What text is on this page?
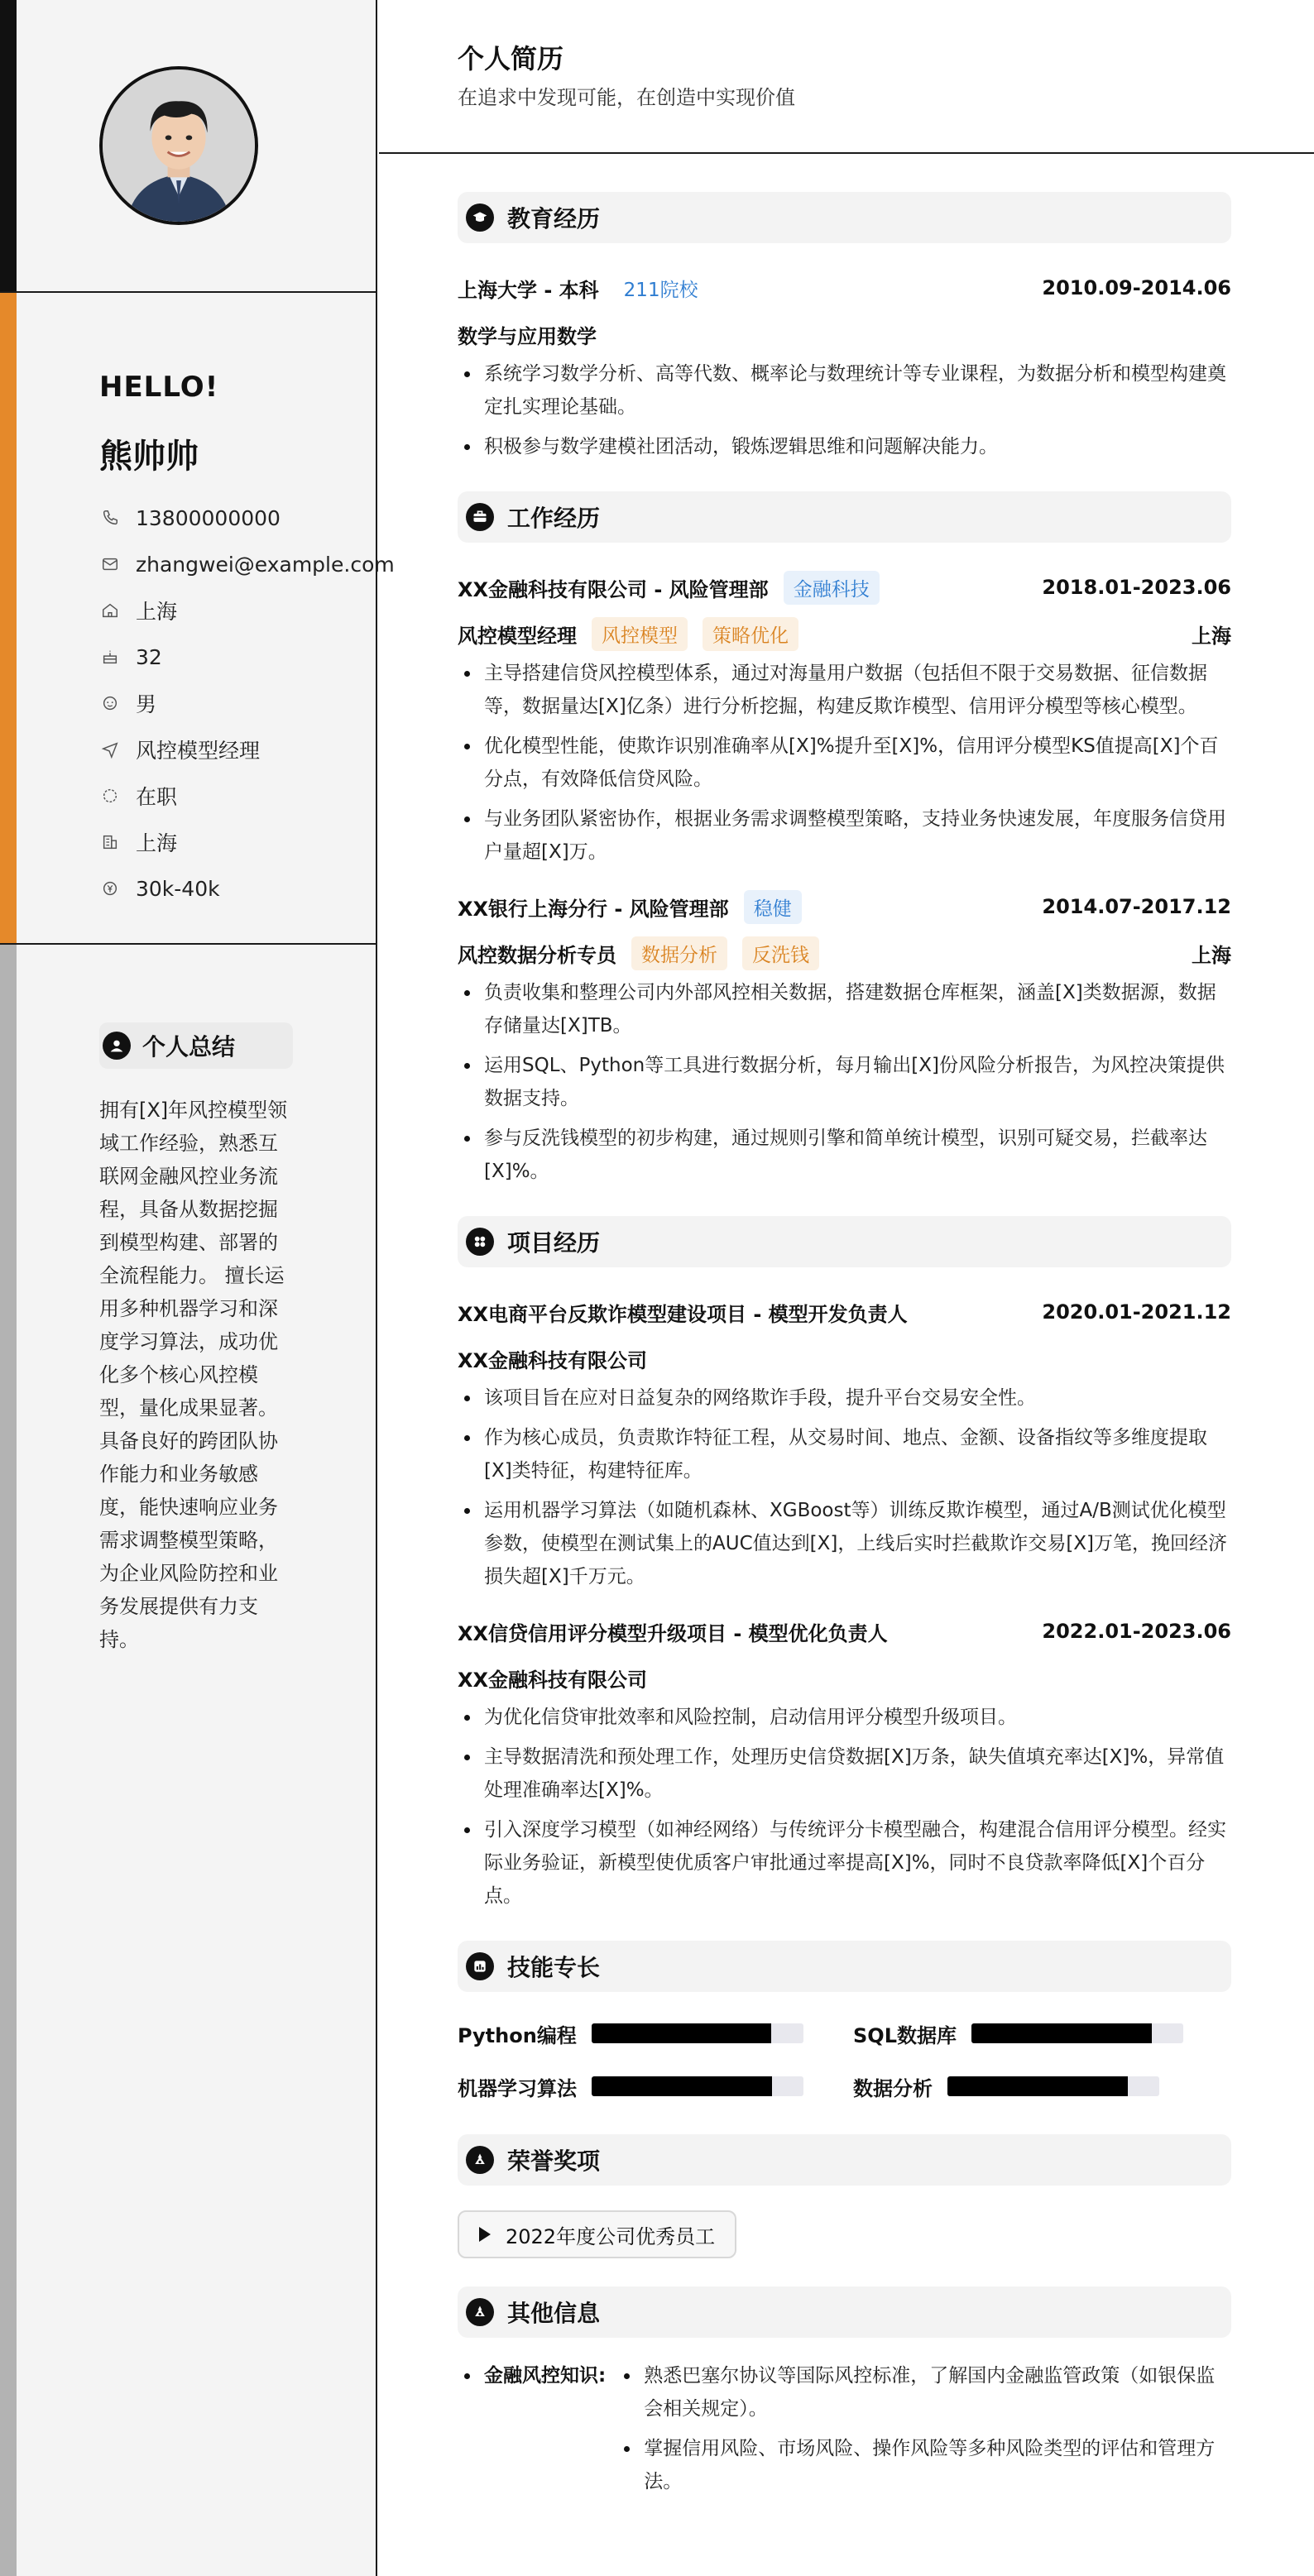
HELLO!
熊帅帅
13800000000
zhangwei@example.com
上海
32
男
风控模型经理
在职
上海
30k-40k
个人总结
拥有[X]年风控模型领域工作经验，熟悉互联网金融风控业务流程，具备从数据挖掘到模型构建、部署的全流程能力。 擅长运用多种机器学习和深度学习算法，成功优化多个核心风控模型，量化成果显著。具备良好的跨团队协作能力和业务敏感度，能快速响应业务需求调整模型策略，为企业风险防控和业务发展提供有力支持。
个人简历
在追求中发现可能，在创造中实现价值
教育经历
上海大学 - 本科	211院校	2010.09-2014.06
数学与应用数学
系统学习数学分析、高等代数、概率论与数理统计等专业课程，为数据分析和模型构建奠定扎实理论基础。
积极参与数学建模社团活动，锻炼逻辑思维和问题解决能力。
工作经历
XX金融科技有限公司 - 风险管理部	金融科技	2018.01-2023.06
风控模型经理	风控模型	策略优化	上海
主导搭建信贷风控模型体系，通过对海量用户数据（包括但不限于交易数据、征信数据等，数据量达[X]亿条）进行分析挖掘，构建反欺诈模型、信用评分模型等核心模型。
优化模型性能，使欺诈识别准确率从[X]%提升至[X]%，信用评分模型KS值提高[X]个百分点，有效降低信贷风险。
与业务团队紧密协作，根据业务需求调整模型策略，支持业务快速发展，年度服务信贷用户量超[X]万。
XX银行上海分行 - 风险管理部	稳健	2014.07-2017.12
风控数据分析专员	数据分析	反洗钱	上海
负责收集和整理公司内外部风控相关数据，搭建数据仓库框架，涵盖[X]类数据源，数据存储量达[X]TB。
运用SQL、Python等工具进行数据分析，每月输出[X]份风险分析报告，为风控决策提供数据支持。
参与反洗钱模型的初步构建，通过规则引擎和简单统计模型，识别可疑交易，拦截率达[X]%。
项目经历
XX电商平台反欺诈模型建设项目 - 模型开发负责人	2020.01-2021.12
XX金融科技有限公司
该项目旨在应对日益复杂的网络欺诈手段，提升平台交易安全性。
作为核心成员，负责欺诈特征工程，从交易时间、地点、金额、设备指纹等多维度提取[X]类特征，构建特征库。
运用机器学习算法（如随机森林、XGBoost等）训练反欺诈模型，通过A/B测试优化模型参数，使模型在测试集上的AUC值达到[X]，上线后实时拦截欺诈交易[X]万笔，挽回经济损失超[X]千万元。
XX信贷信用评分模型升级项目 - 模型优化负责人	2022.01-2023.06
XX金融科技有限公司
为优化信贷审批效率和风险控制，启动信用评分模型升级项目。
主导数据清洗和预处理工作，处理历史信贷数据[X]万条，缺失值填充率达[X]%，异常值处理准确率达[X]%。
引入深度学习模型（如神经网络）与传统评分卡模型融合，构建混合信用评分模型。经实际业务验证，新模型使优质客户审批通过率提高[X]%，同时不良贷款率降低[X]个百分点。
技能专长
Python编程	SQL数据库
机器学习算法	数据分析
荣誉奖项
2022年度公司优秀员工
其他信息
金融风控知识:	熟悉巴塞尔协议等国际风控标准，了解国内金融监管政策（如银保监会相关规定）。
掌握信用风险、市场风险、操作风险等多种风险类型的评估和管理方法。
